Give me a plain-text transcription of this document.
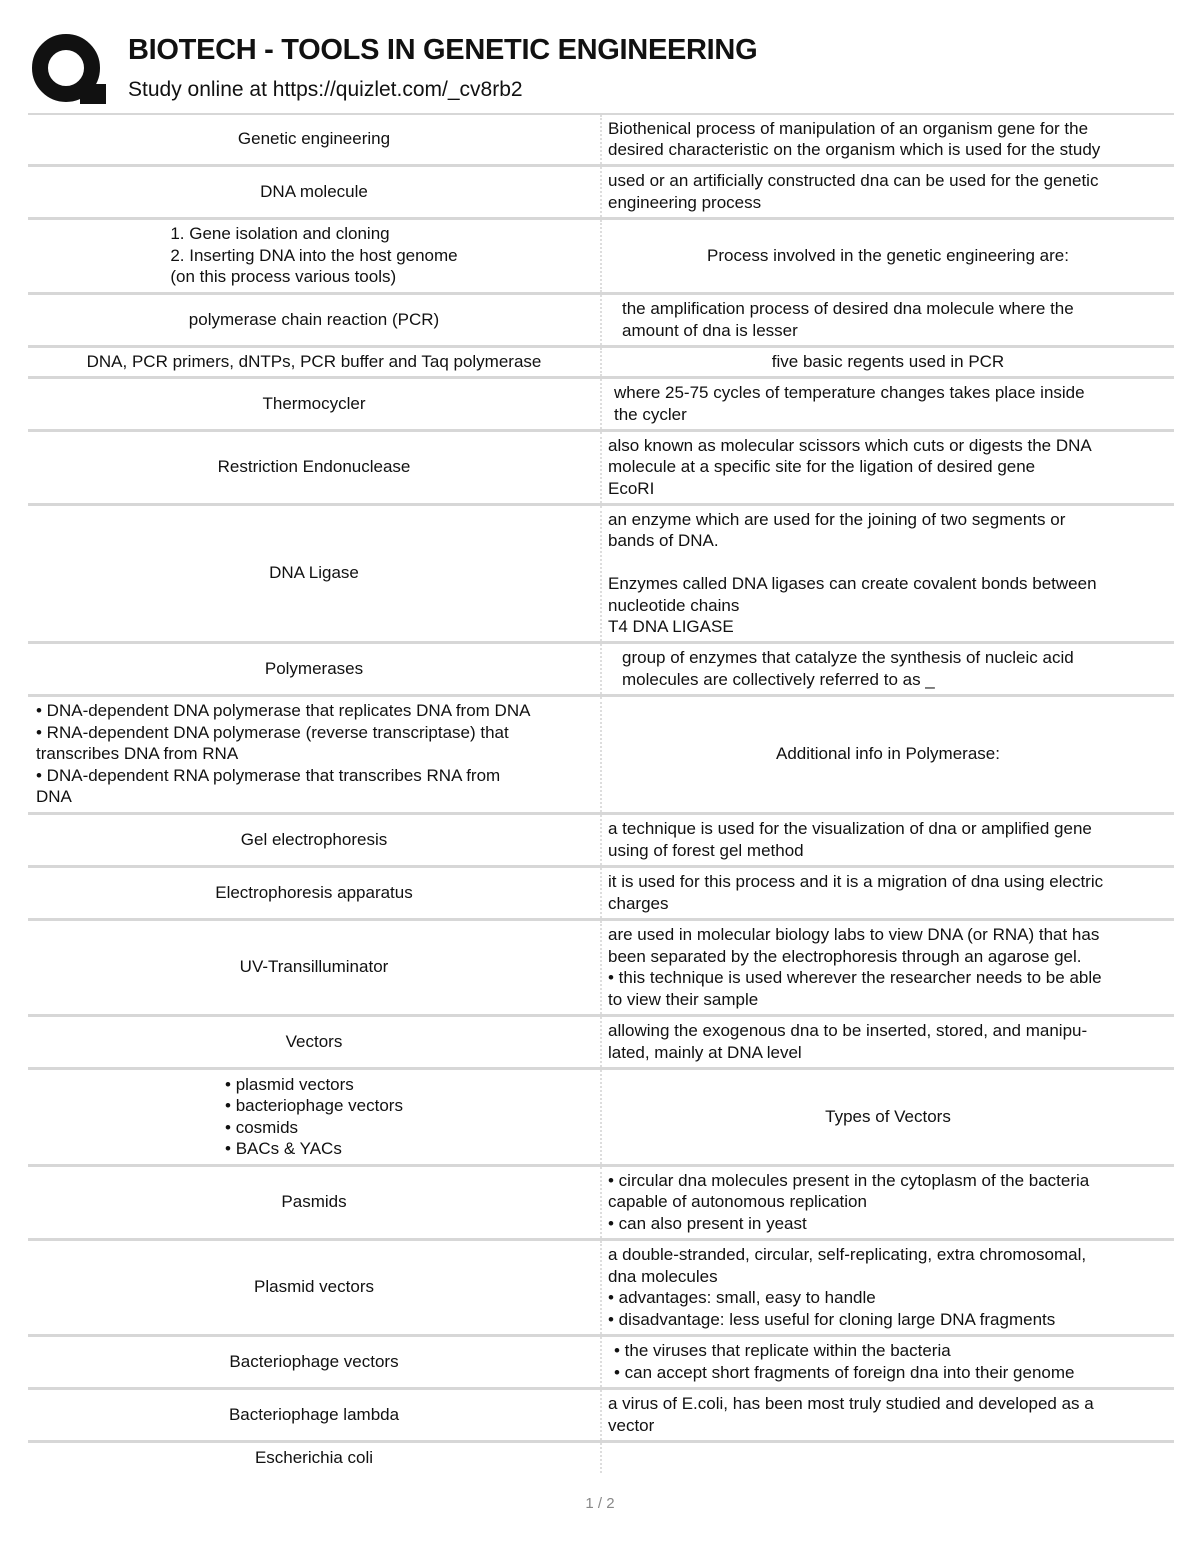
BIOTECH - TOOLS IN GENETIC ENGINEERING

Study online at https://quizlet.com/_cv8rb2

Genetic engineering
Biothenical process of manipulation of an organism gene for the
desired characteristic on the organism which is used for the study
DNA molecule
used or an artificially constructed dna can be used for the genetic
engineering process
1. Gene isolation and cloning
2. Inserting DNA into the host genome
(on this process various tools)
Process involved in the genetic engineering are:
polymerase chain reaction (PCR)
the amplification process of desired dna molecule where the
amount of dna is lesser
DNA, PCR primers, dNTPs, PCR buffer and Taq polymerase	five basic regents used in PCR
Thermocycler
where 25-75 cycles of temperature changes takes place inside
the cycler
Restriction Endonuclease
also known as molecular scissors which cuts or digests the DNA
molecule at a specific site for the ligation of desired gene
EcoRI
DNA Ligase
an enzyme which are used for the joining of two segments or
bands of DNA.

Enzymes called DNA ligases can create covalent bonds between
nucleotide chains
T4 DNA LIGASE
Polymerases
group of enzymes that catalyze the synthesis of nucleic acid
molecules are collectively referred to as _
• DNA-dependent DNA polymerase that replicates DNA from DNA
• RNA-dependent DNA polymerase (reverse transcriptase) that
transcribes DNA from RNA
• DNA-dependent RNA polymerase that transcribes RNA from
DNA
Additional info in Polymerase:
Gel electrophoresis
a technique is used for the visualization of dna or amplified gene
using of forest gel method
Electrophoresis apparatus
it is used for this process and it is a migration of dna using electric
charges
UV-Transilluminator
are used in molecular biology labs to view DNA (or RNA) that has
been separated by the electrophoresis through an agarose gel.
• this technique is used wherever the researcher needs to be able
to view their sample
Vectors
allowing the exogenous dna to be inserted, stored, and manipu-
lated, mainly at DNA level
• plasmid vectors
• bacteriophage vectors
• cosmids
• BACs & YACs
Types of Vectors
Pasmids
• circular dna molecules present in the cytoplasm of the bacteria
capable of autonomous replication
• can also present in yeast
Plasmid vectors
a double-stranded, circular, self-replicating, extra chromosomal,
dna molecules
• advantages: small, easy to handle
• disadvantage: less useful for cloning large DNA fragments
Bacteriophage vectors
• the viruses that replicate within the bacteria
• can accept short fragments of foreign dna into their genome
Bacteriophage lambda
a virus of E.coli, has been most truly studied and developed as a
vector
Escherichia coli
1 / 2
